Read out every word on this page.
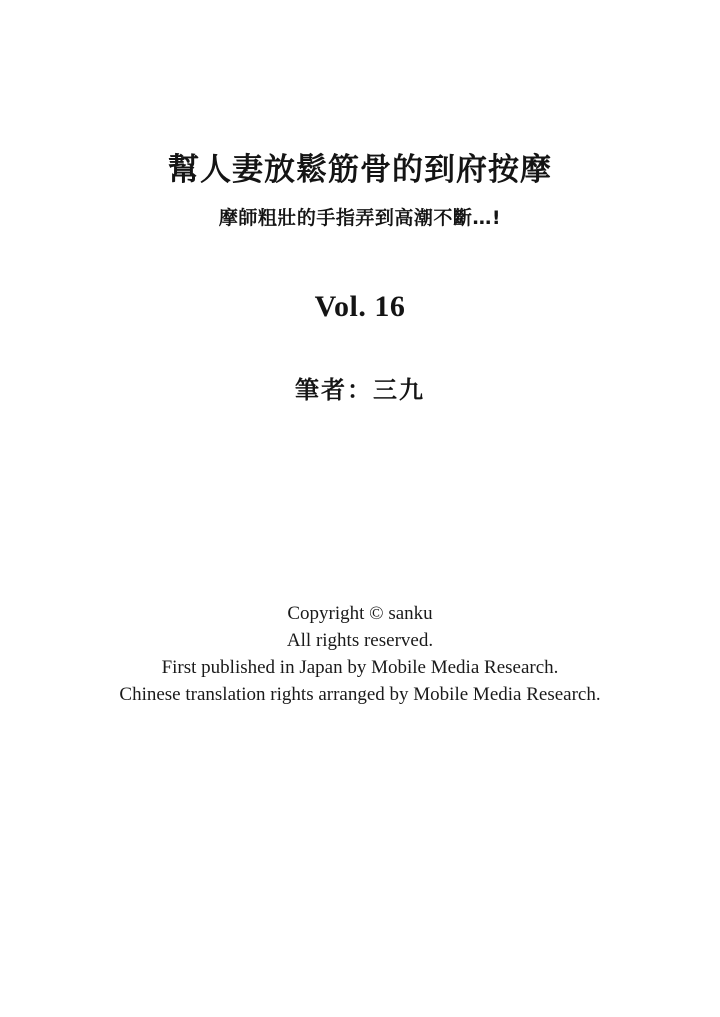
幫人妻放鬆筋骨的到府按摩
摩師粗壯的手指弄到高潮不斷…!
Vol. 16
筆者：三九
Copyright © sanku
All rights reserved.
First published in Japan by Mobile Media Research.
Chinese translation rights arranged by Mobile Media Research.
